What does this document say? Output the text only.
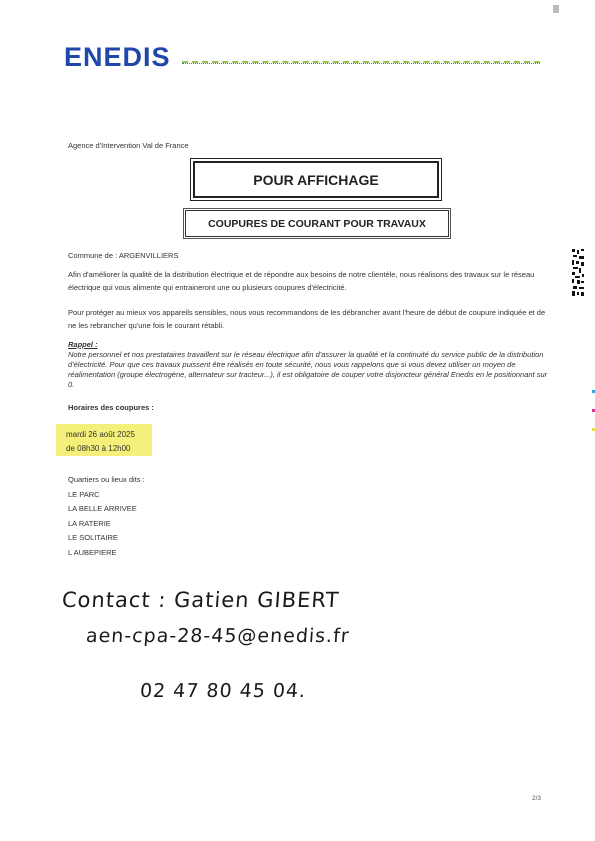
ENEDIS
Agence d'Intervention Val de France
POUR AFFICHAGE
COUPURES DE COURANT POUR TRAVAUX
Commune de : ARGENVILLIERS
Afin d'améliorer la qualité de la distribution électrique et de répondre aux besoins de notre clientèle, nous réalisons des travaux sur le réseau électrique qui vous alimente qui entraineront une ou plusieurs coupures d'électricité.
Pour protéger au mieux vos appareils sensibles, nous vous recommandons de les débrancher avant l'heure de début de coupure indiquée et de ne les rebrancher qu'une fois le courant rétabli.
Rappel :
Notre personnel et nos prestataires travaillent sur le réseau électrique afin d'assurer la qualité et la continuité du service public de la distribution d'électricité. Pour que ces travaux puissent être réalisés en toute sécurité, nous vous rappelons que si vous devez utiliser un moyen de réalimentation (groupe électrogène, alternateur sur tracteur...), il est obligatoire de couper votre disjoncteur général Enedis en le positionnant sur 0.
Horaires des coupures :
mardi 26 août 2025
de 08h30 à 12h00
Quartiers ou lieux dits :
LE PARC
LA BELLE ARRIVEE
LA RATERIE
LE SOLITAIRE
L AUBEPIERE
Contact : Gatien GIBERT
aen-cpa-28-45@enedis.fr
02 47 80 45 04.
2/3
